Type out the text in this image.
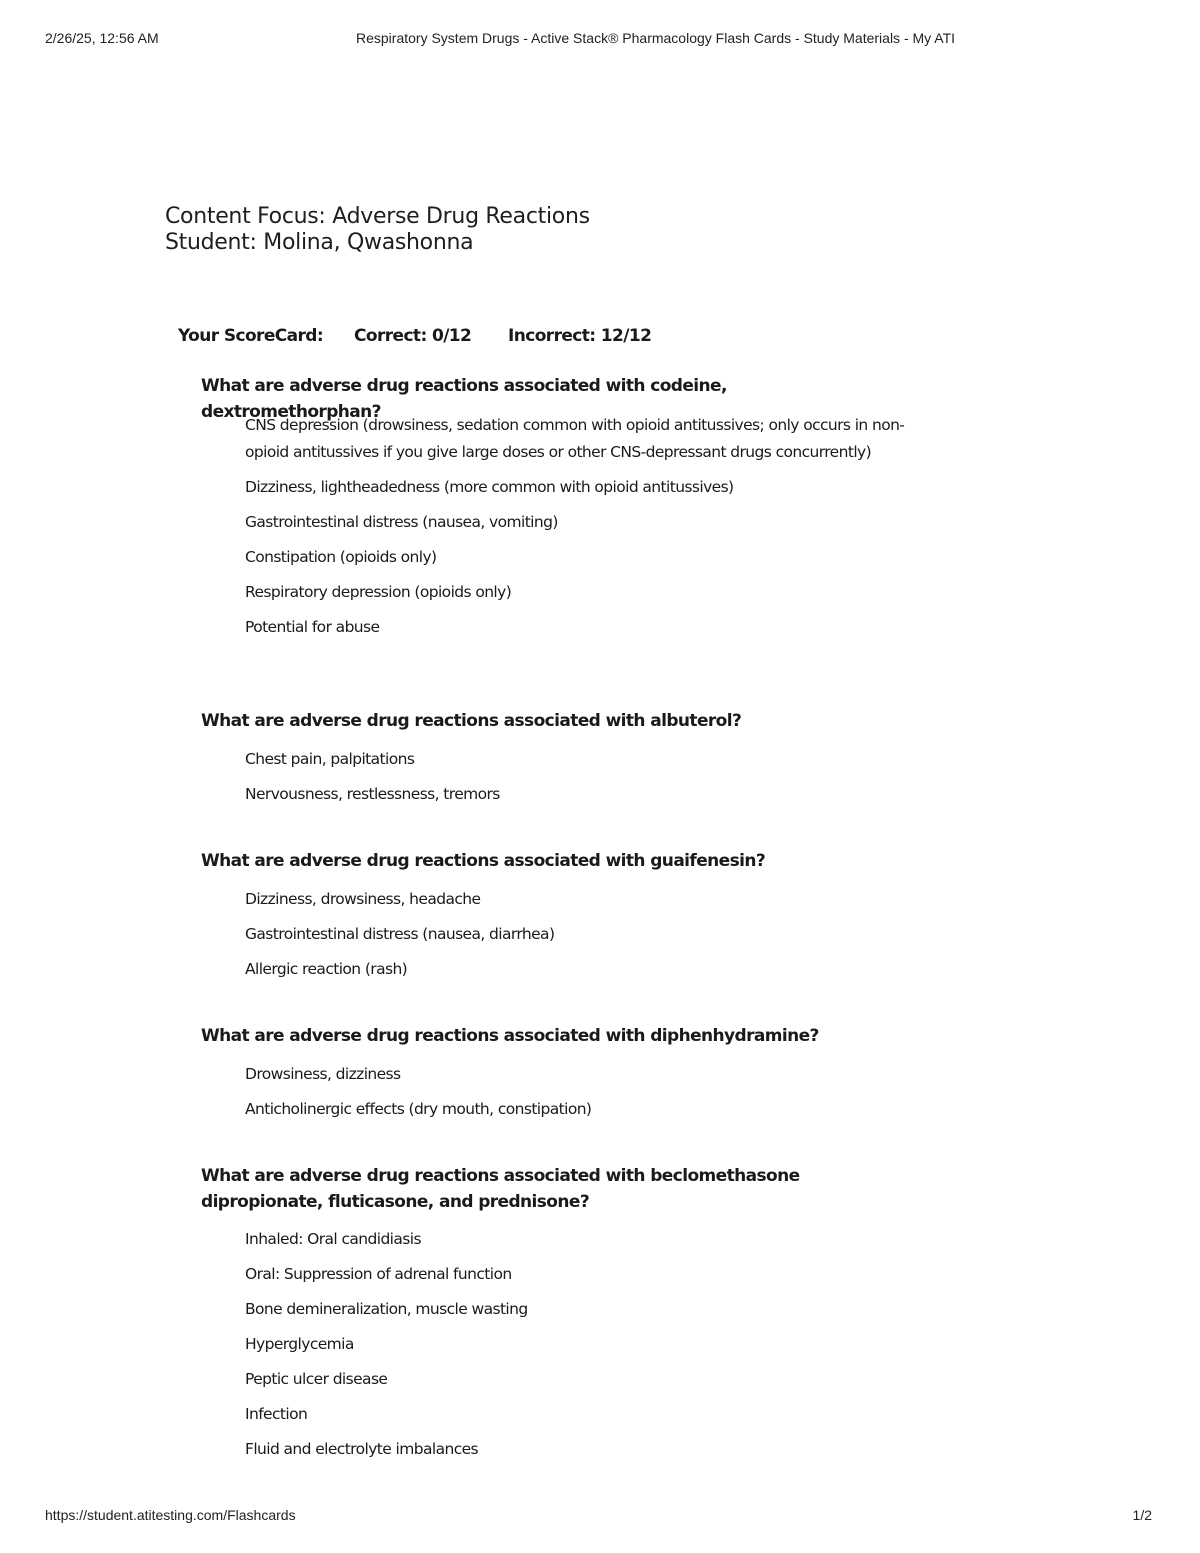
2/26/25, 12:56 AM	Respiratory System Drugs - Active Stack® Pharmacology Flash Cards - Study Materials - My ATI
Content Focus: Adverse Drug ReactionsStudent: Molina, Qwashonna
Your ScoreCard: Correct: 0/12 Incorrect: 12/12
What are adverse drug reactions associated with codeine, dextromethorphan?
CNS depression (drowsiness, sedation common with opioid antitussives; only occurs in non-opioid antitussives if you give large doses or other CNS-depressant drugs concurrently)
Dizziness, lightheadedness (more common with opioid antitussives)
Gastrointestinal distress (nausea, vomiting)
Constipation (opioids only)
Respiratory depression (opioids only)
Potential for abuse
What are adverse drug reactions associated with albuterol?
Chest pain, palpitations
Nervousness, restlessness, tremors
What are adverse drug reactions associated with guaifenesin?
Dizziness, drowsiness, headache
Gastrointestinal distress (nausea, diarrhea)
Allergic reaction (rash)
What are adverse drug reactions associated with diphenhydramine?
Drowsiness, dizziness
Anticholinergic effects (dry mouth, constipation)
What are adverse drug reactions associated with beclomethasone dipropionate, fluticasone, and prednisone?
Inhaled: Oral candidiasis
Oral: Suppression of adrenal function
Bone demineralization, muscle wasting
Hyperglycemia
Peptic ulcer disease
Infection
Fluid and electrolyte imbalances
https://student.atitesting.com/Flashcards	1/2
